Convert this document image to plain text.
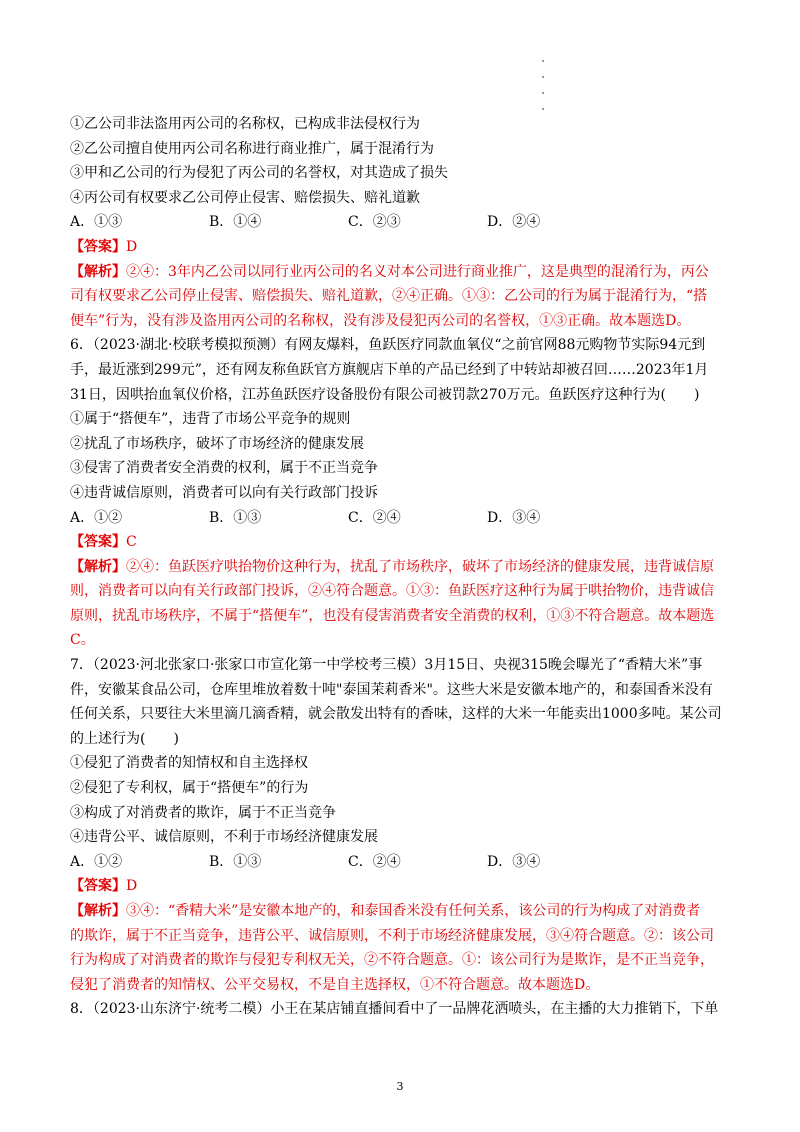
①乙公司非法盗用丙公司的名称权，已构成非法侵权行为
②乙公司擅自使用丙公司名称进行商业推广，属于混淆行为
③甲和乙公司的行为侵犯了丙公司的名誉权，对其造成了损失
④丙公司有权要求乙公司停止侵害、赔偿损失、赔礼道歉
A．①③	B．①④	C．②③	D．②④
【答案】D
【解析】②④：3年内乙公司以同行业丙公司的名义对本公司进行商业推广，这是典型的混淆行为，丙公
司有权要求乙公司停止侵害、赔偿损失、赔礼道歉，②④正确。①③：乙公司的行为属于混淆行为，“搭
便车”行为，没有涉及盗用丙公司的名称权，没有涉及侵犯丙公司的名誉权，①③正确。故本题选D。
6．（2023·湖北·校联考模拟预测）有网友爆料，鱼跃医疗同款血氧仪“之前官网88元购物节实际94元到
手，最近涨到299元”，还有网友称鱼跃官方旗舰店下单的产品已经到了中转站却被召回……2023年1月
31日，因哄抬血氧仪价格，江苏鱼跃医疗设备股份有限公司被罚款270万元。鱼跃医疗这种行为(　　)
①属于“搭便车”，违背了市场公平竞争的规则
②扰乱了市场秩序，破坏了市场经济的健康发展
③侵害了消费者安全消费的权利，属于不正当竞争
④违背诚信原则，消费者可以向有关行政部门投诉
A．①②	B．①③	C．②④	D．③④
【答案】C
【解析】②④：鱼跃医疗哄抬物价这种行为，扰乱了市场秩序，破坏了市场经济的健康发展，违背诚信原
则，消费者可以向有关行政部门投诉，②④符合题意。①③：鱼跃医疗这种行为属于哄抬物价，违背诚信
原则，扰乱市场秩序，不属于“搭便车”，也没有侵害消费者安全消费的权利，①③不符合题意。故本题选
C。
7．（2023·河北张家口·张家口市宣化第一中学校考三模）3月15日、央视315晚会曝光了“香精大米”事
件，安徽某食品公司，仓库里堆放着数十吨"泰国茉莉香米"。这些大米是安徽本地产的，和泰国香米没有
任何关系，只要往大米里滴几滴香精，就会散发出特有的香味，这样的大米一年能卖出1000多吨。某公司
的上述行为(　　)
①侵犯了消费者的知情权和自主选择权
②侵犯了专利权，属于“搭便车”的行为
③构成了对消费者的欺诈，属于不正当竞争
④违背公平、诚信原则，不利于市场经济健康发展
A．①②	B．①③	C．②④	D．③④
【答案】D
【解析】③④：“香精大米”是安徽本地产的，和泰国香米没有任何关系，该公司的行为构成了对消费者
的欺诈，属于不正当竞争，违背公平、诚信原则，不利于市场经济健康发展，③④符合题意。②：该公司
行为构成了对消费者的欺诈与侵犯专利权无关，②不符合题意。①：该公司行为是欺诈，是不正当竞争，
侵犯了消费者的知情权、公平交易权，不是自主选择权，①不符合题意。故本题选D。
8．（2023·山东济宁·统考二模）小王在某店铺直播间看中了一品牌花洒喷头，在主播的大力推销下，下单
3
